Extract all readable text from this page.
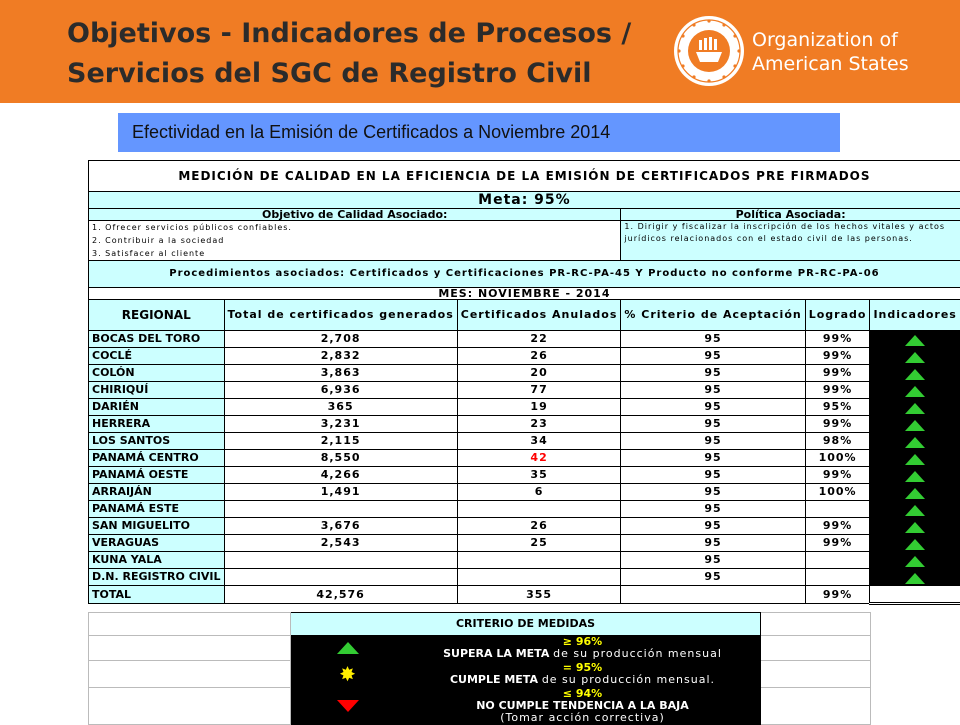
Objetivos - Indicadores de Procesos /
Servicios del SGC de Registro Civil
Organization of
American States
Efectividad en la Emisión de Certificados a Noviembre 2014
MEDICIÓN DE CALIDAD EN LA EFICIENCIA DE LA EMISIÓN DE CERTIFICADOS PRE FIRMADOS					
Meta: 95%					
Objetivo de Calidad Asociado:			Política Asociada:		

1. Ofrecer servicios públicos confiables.
2. Contribuir a la sociedad
3. Satisfacer al cliente			1. Dirigir y fiscalizar la inscripción de los hechos vitales y actos jurídicos relacionados con el estado civil de las personas.		

Procedimientos asociados: Certificados y Certificaciones PR-RC-PA-45 Y Producto no conforme PR-RC-PA-06					
MES: NOVIEMBRE - 2014					
REGIONAL	Total de certificados generados	Certificados Anulados	% Criterio de Aceptación	Logrado	Indicadores
BOCAS DEL TORO	2,708	22	95	99%	

COCLÉ	2,832	26	95	99%	

COLÓN	3,863	20	95	99%	

CHIRIQUÍ	6,936	77	95	99%	

DARIÉN	365	19	95	95%	

HERRERA	3,231	23	95	99%	

LOS SANTOS	2,115	34	95	98%	

PANAMÁ CENTRO	8,550	42	95	100%	

PANAMÁ OESTE	4,266	35	95	99%	

ARRAIJÁN	1,491	6	95	100%	

PANAMÁ ESTE			95		

SAN MIGUELITO	3,676	26	95	99%	

VERAGUAS	2,543	25	95	99%	

KUNA YALA			95		

D.N. REGISTRO CIVIL			95		

TOTAL	42,576	355		99%	
	CRITERIO DE MEDIDAS		

		≥ 96%
SUPERA LA META de su producción mensual	

	✸	= 95%
CUMPLE META de su producción mensual.	

		≤ 94%
NO CUMPLE TENDENCIA A LA BAJA
(Tomar acción correctiva)	
